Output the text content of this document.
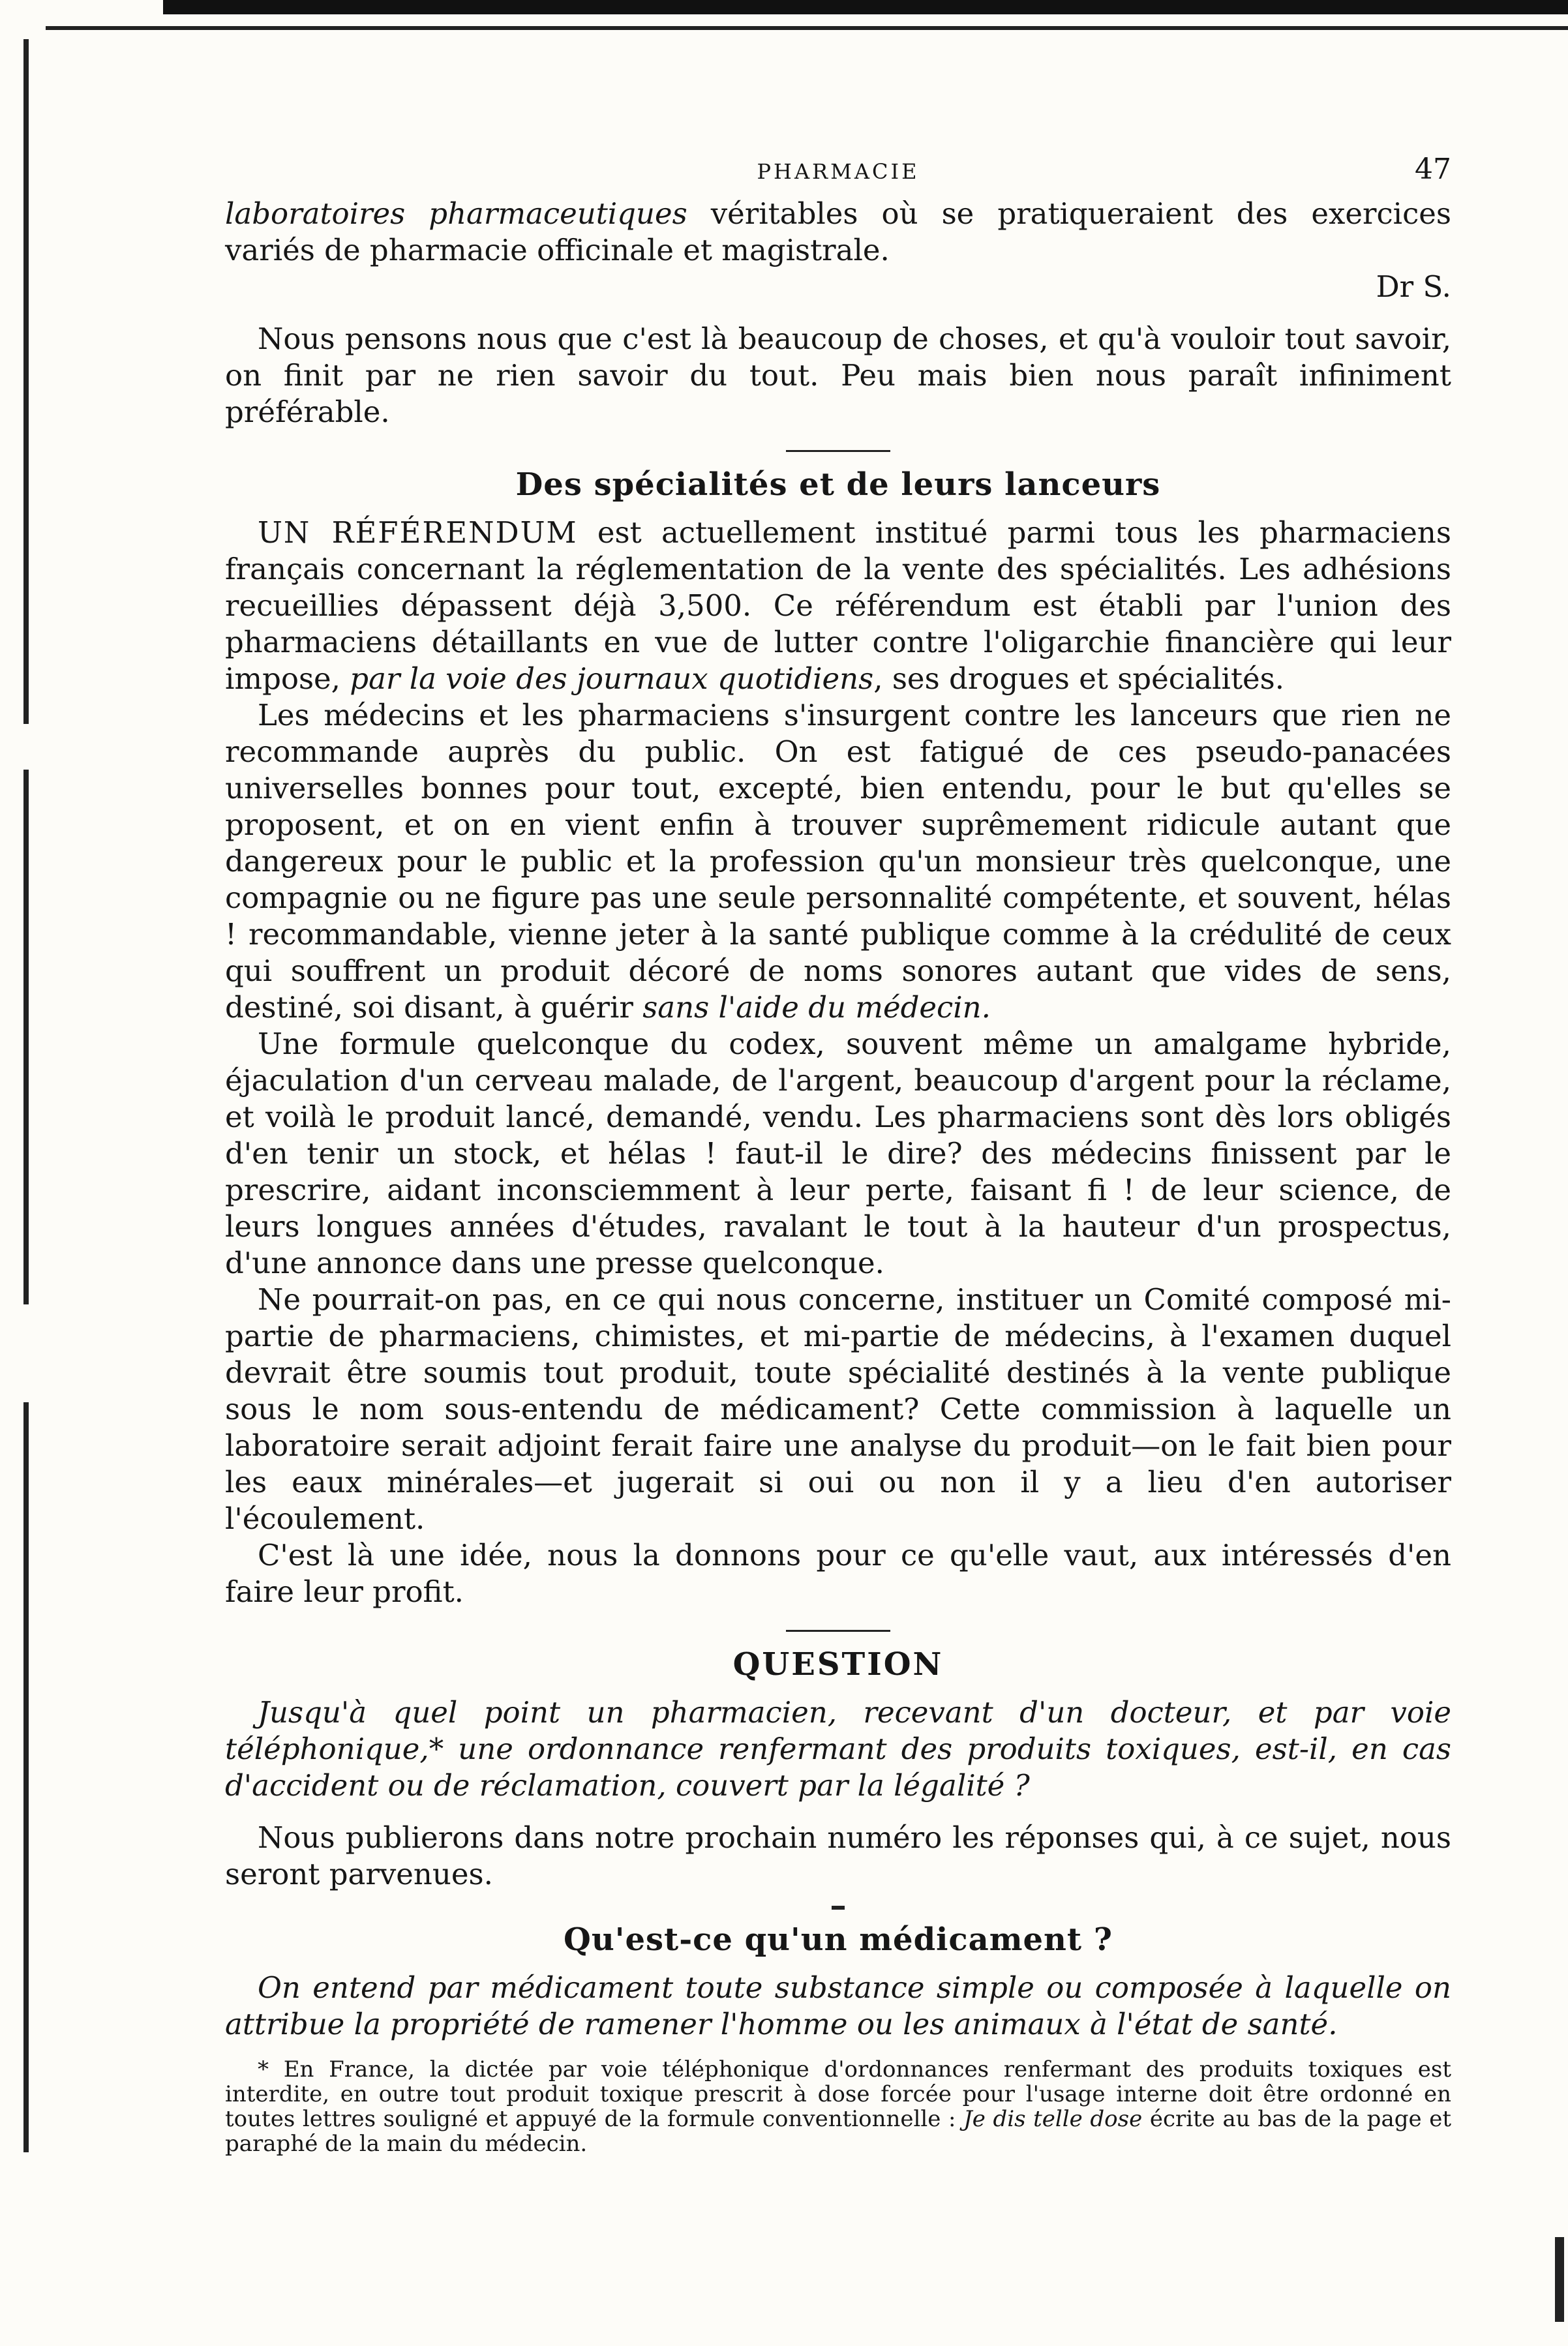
PHARMACIE	47

laboratoires pharmaceutiques véritables où se pratiqueraient des exercices variés de pharmacie officinale et magistrale.

Dr S.

Nous pensons nous que c'est là beaucoup de choses, et qu'à vouloir tout savoir, on finit par ne rien savoir du tout. Peu mais bien nous paraît infiniment préférable.

Des spécialités et de leurs lanceurs

UN RÉFÉRENDUM est actuellement institué parmi tous les pharmaciens français concernant la réglementation de la vente des spécialités. Les adhésions recueillies dépassent déjà 3,500. Ce référendum est établi par l'union des pharmaciens détaillants en vue de lutter contre l'oligarchie financière qui leur impose, par la voie des journaux quotidiens, ses drogues et spécialités.

Les médecins et les pharmaciens s'insurgent contre les lanceurs que rien ne recommande auprès du public. On est fatigué de ces pseudo-panacées universelles bonnes pour tout, excepté, bien entendu, pour le but qu'elles se proposent, et on en vient enfin à trouver suprêmement ridicule autant que dangereux pour le public et la profession qu'un monsieur très quelconque, une compagnie ou ne figure pas une seule personnalité compétente, et souvent, hélas ! recommandable, vienne jeter à la santé publique comme à la crédulité de ceux qui souffrent un produit décoré de noms sonores autant que vides de sens, destiné, soi disant, à guérir sans l'aide du médecin.

Une formule quelconque du codex, souvent même un amalgame hybride, éjaculation d'un cerveau malade, de l'argent, beaucoup d'argent pour la réclame, et voilà le produit lancé, demandé, vendu. Les pharmaciens sont dès lors obligés d'en tenir un stock, et hélas ! faut-il le dire? des médecins finissent par le prescrire, aidant inconsciemment à leur perte, faisant fi ! de leur science, de leurs longues années d'études, ravalant le tout à la hauteur d'un prospectus, d'une annonce dans une presse quelconque.

Ne pourrait-on pas, en ce qui nous concerne, instituer un Comité composé mi-partie de pharmaciens, chimistes, et mi-partie de médecins, à l'examen duquel devrait être soumis tout produit, toute spécialité destinés à la vente publique sous le nom sous-entendu de médicament? Cette commission à laquelle un laboratoire serait adjoint ferait faire une analyse du produit—on le fait bien pour les eaux minérales—et jugerait si oui ou non il y a lieu d'en autoriser l'écoulement.

C'est là une idée, nous la donnons pour ce qu'elle vaut, aux intéressés d'en faire leur profit.

QUESTION

Jusqu'à quel point un pharmacien, recevant d'un docteur, et par voie téléphonique,* une ordonnance renfermant des produits toxiques, est-il, en cas d'accident ou de réclamation, couvert par la légalité ?

Nous publierons dans notre prochain numéro les réponses qui, à ce sujet, nous seront parvenues.

Qu'est-ce qu'un médicament ?

On entend par médicament toute substance simple ou composée à laquelle on attribue la propriété de ramener l'homme ou les animaux à l'état de santé.

* En France, la dictée par voie téléphonique d'ordonnances renfermant des produits toxiques est interdite, en outre tout produit toxique prescrit à dose forcée pour l'usage interne doit être ordonné en toutes lettres souligné et appuyé de la formule conventionnelle : Je dis telle dose écrite au bas de la page et paraphé de la main du médecin.
